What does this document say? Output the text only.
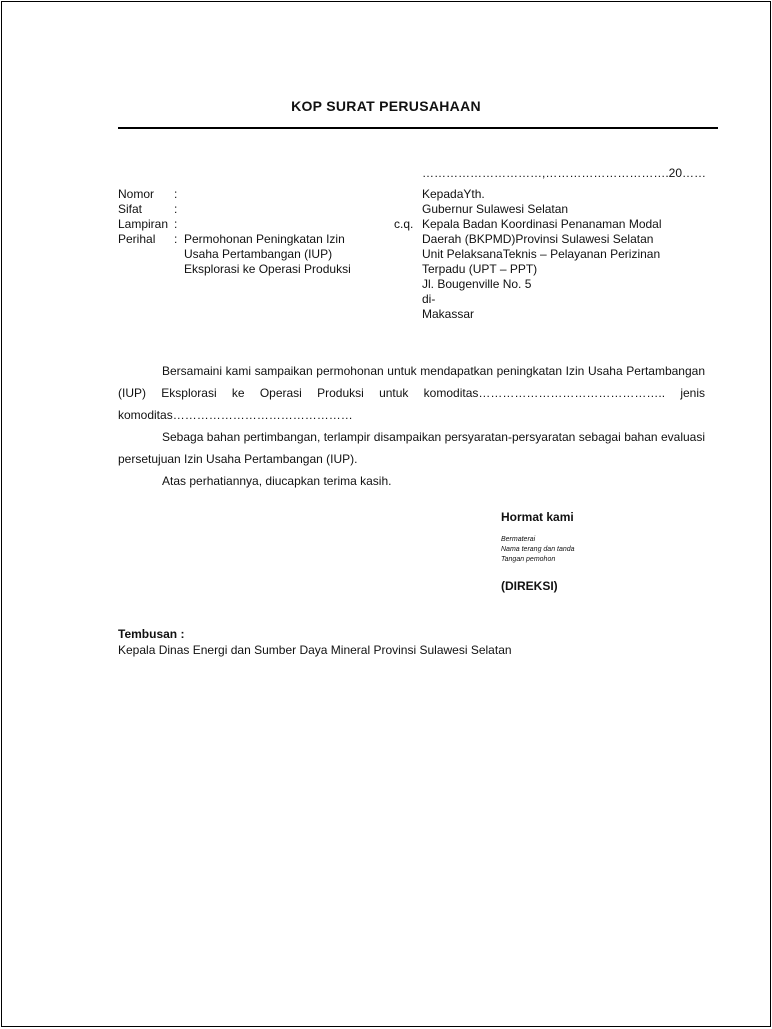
KOP SURAT PERUSAHAAN
…………………………,………………………….20……
Nomor	:
Sifat	:
Lampiran :
Perihal	: Permohonan Peningkatan Izin
Usaha Pertambangan (IUP)
Eksplorasi ke Operasi Produksi
c.q.
KepadaYth.
Gubernur Sulawesi Selatan
Kepala Badan Koordinasi Penanaman Modal
Daerah (BKPMD)Provinsi Sulawesi Selatan
Unit PelaksanaTeknis – Pelayanan Perizinan
Terpadu (UPT – PPT)
Jl. Bougenville No. 5
di-
Makassar

Bersamaini kami sampaikan permohonan untuk mendapatkan peningkatan Izin Usaha Pertambangan (IUP) Eksplorasi ke Operasi Produksi untuk komoditas……………………………………….. jenis komoditas………………………………………

Sebaga bahan pertimbangan, terlampir disampaikan persyaratan-persyaratan sebagai bahan evaluasi persetujuan Izin Usaha Pertambangan (IUP).

Atas perhatiannya, diucapkan terima kasih.

Hormat kami
Bermaterai
Nama terang dan tanda
Tangan pemohon
(DIREKSI)
Tembusan :
Kepala Dinas Energi dan Sumber Daya Mineral Provinsi Sulawesi Selatan
